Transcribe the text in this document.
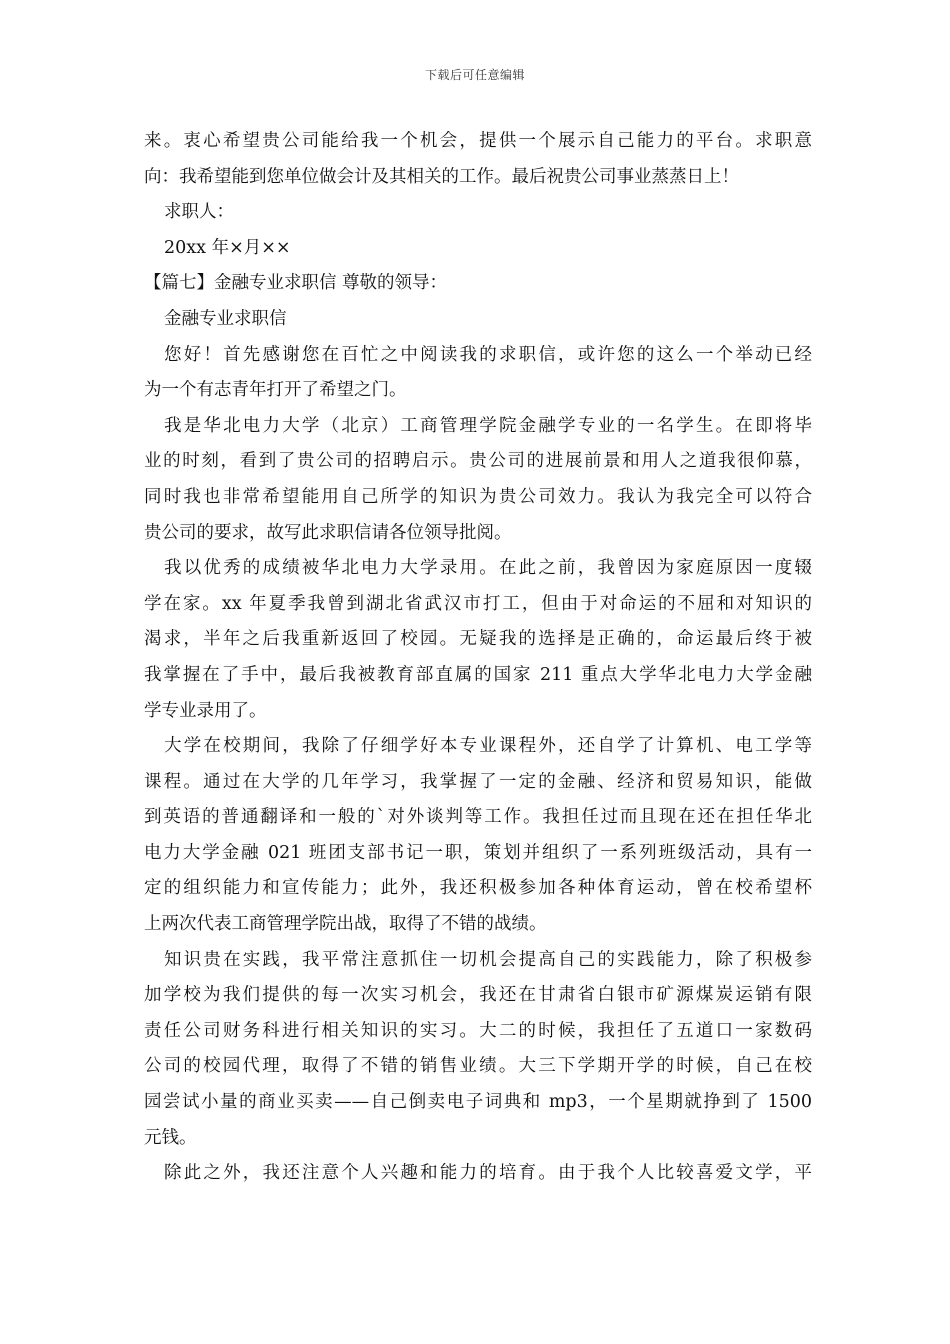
下载后可任意编辑
来。衷心希望贵公司能给我一个机会，提供一个展示自己能力的平台。求职意
向：我希望能到您单位做会计及其相关的工作。最后祝贵公司事业蒸蒸日上！
求职人：
20xx 年×月××
【篇七】金融专业求职信 尊敬的领导：
金融专业求职信
您好！首先感谢您在百忙之中阅读我的求职信，或许您的这么一个举动已经
为一个有志青年打开了希望之门。
我是华北电力大学（北京）工商管理学院金融学专业的一名学生。在即将毕
业的时刻，看到了贵公司的招聘启示。贵公司的进展前景和用人之道我很仰慕，
同时我也非常希望能用自己所学的知识为贵公司效力。我认为我完全可以符合
贵公司的要求，故写此求职信请各位领导批阅。
我以优秀的成绩被华北电力大学录用。在此之前，我曾因为家庭原因一度辍
学在家。xx 年夏季我曾到湖北省武汉市打工，但由于对命运的不屈和对知识的
渴求，半年之后我重新返回了校园。无疑我的选择是正确的，命运最后终于被
我掌握在了手中，最后我被教育部直属的国家 211 重点大学华北电力大学金融
学专业录用了。
大学在校期间，我除了仔细学好本专业课程外，还自学了计算机、电工学等
课程。通过在大学的几年学习，我掌握了一定的金融、经济和贸易知识，能做
到英语的普通翻译和一般的`对外谈判等工作。我担任过而且现在还在担任华北
电力大学金融 021 班团支部书记一职，策划并组织了一系列班级活动，具有一
定的组织能力和宣传能力；此外，我还积极参加各种体育运动，曾在校希望杯
上两次代表工商管理学院出战，取得了不错的战绩。
知识贵在实践，我平常注意抓住一切机会提高自己的实践能力，除了积极参
加学校为我们提供的每一次实习机会，我还在甘肃省白银市矿源煤炭运销有限
责任公司财务科进行相关知识的实习。大二的时候，我担任了五道口一家数码
公司的校园代理，取得了不错的销售业绩。大三下学期开学的时候，自己在校
园尝试小量的商业买卖——自己倒卖电子词典和 mp3，一个星期就挣到了 1500
元钱。
除此之外，我还注意个人兴趣和能力的培育。由于我个人比较喜爱文学，平
